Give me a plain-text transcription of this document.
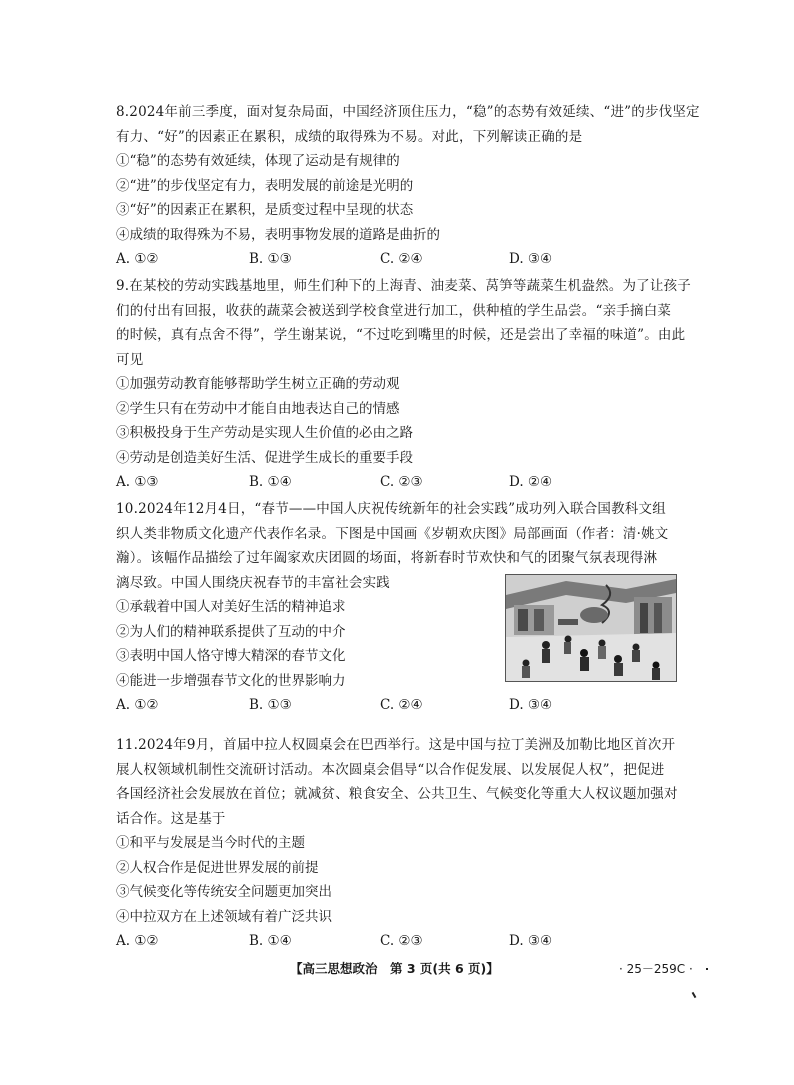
8.2024年前三季度，面对复杂局面，中国经济顶住压力，“稳”的态势有效延续、“进”的步伐坚定
有力、“好”的因素正在累积，成绩的取得殊为不易。对此，下列解读正确的是
①“稳”的态势有效延续，体现了运动是有规律的
②“进”的步伐坚定有力，表明发展的前途是光明的
③“好”的因素正在累积，是质变过程中呈现的状态
④成绩的取得殊为不易，表明事物发展的道路是曲折的
A. ①②	B. ①③	C. ②④	D. ③④
9.在某校的劳动实践基地里，师生们种下的上海青、油麦菜、莴笋等蔬菜生机盎然。为了让孩子
们的付出有回报，收获的蔬菜会被送到学校食堂进行加工，供种植的学生品尝。“亲手摘白菜
的时候，真有点舍不得”，学生谢某说，“不过吃到嘴里的时候，还是尝出了幸福的味道”。由此
可见
①加强劳动教育能够帮助学生树立正确的劳动观
②学生只有在劳动中才能自由地表达自己的情感
③积极投身于生产劳动是实现人生价值的必由之路
④劳动是创造美好生活、促进学生成长的重要手段
A. ①③	B. ①④	C. ②③	D. ②④
10.2024年12月4日，“春节——中国人庆祝传统新年的社会实践”成功列入联合国教科文组
织人类非物质文化遗产代表作名录。下图是中国画《岁朝欢庆图》局部画面（作者：清·姚文
瀚）。该幅作品描绘了过年阖家欢庆团圆的场面，将新春时节欢快和气的团聚气氛表现得淋
漓尽致。中国人围绕庆祝春节的丰富社会实践
①承载着中国人对美好生活的精神追求
②为人们的精神联系提供了互动的中介
③表明中国人恪守博大精深的春节文化
④能进一步增强春节文化的世界影响力
A. ①②	B. ①③	C. ②④	D. ③④
11.2024年9月，首届中拉人权圆桌会在巴西举行。这是中国与拉丁美洲及加勒比地区首次开
展人权领域机制性交流研讨活动。本次圆桌会倡导“以合作促发展、以发展促人权”，把促进
各国经济社会发展放在首位；就减贫、粮食安全、公共卫生、气候变化等重大人权议题加强对
话合作。这是基于
①和平与发展是当今时代的主题
②人权合作是促进世界发展的前提
③气候变化等传统安全问题更加突出
④中拉双方在上述领域有着广泛共识
A. ①②	B. ①④	C. ②③	D. ③④
【高三思想政治　第 3 页(共 6 页)】	· 25－259C ·
